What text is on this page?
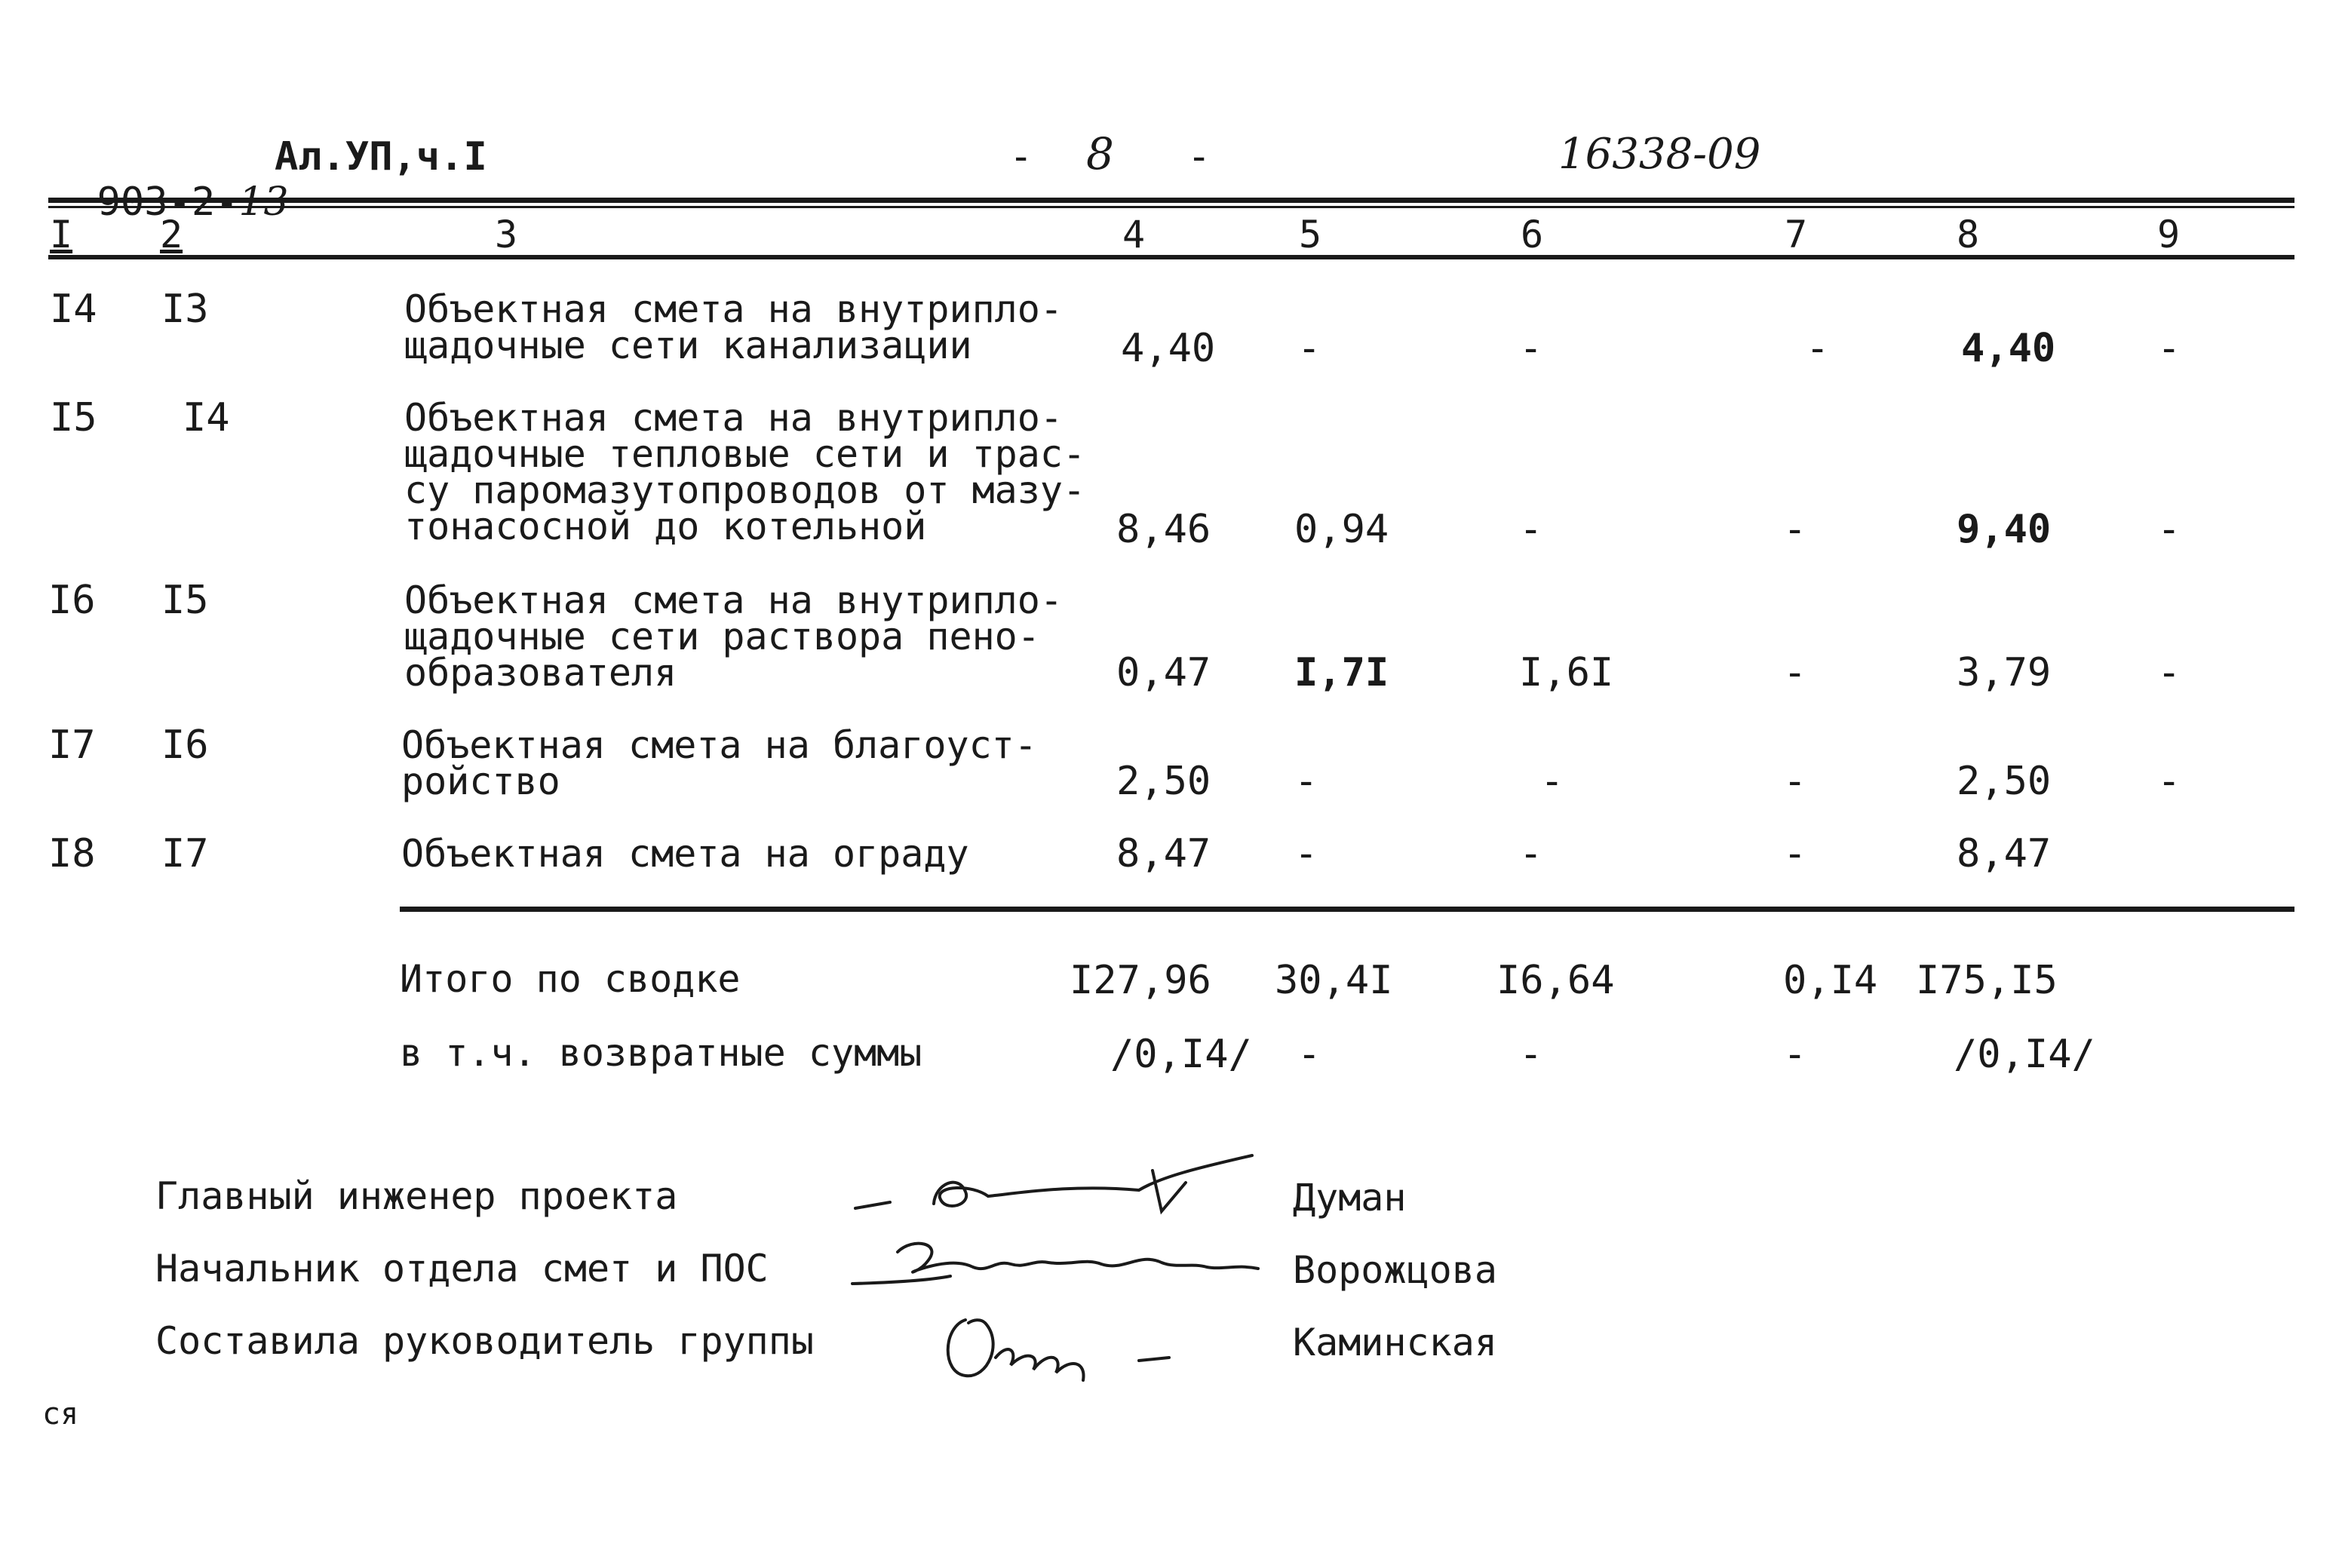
Ал.УП,ч.I	- 8 -	16338-09
I 2	3	4	5	6	7	8	9
I4 I3	Объектная смета на внутрипло-
щадочные сети канализации	4,40 -	-	-	4,40	-
I5 I4	Объектная смета на внутрипло-
щадочные тепловые сети и трас-
су паромазутопроводов от мазу-
тонасосной до котельной	8,46 0,94	-	-	9,40	-
I6 I5	Объектная смета на внутрипло-
щадочные сети раствора пено-
образователя	0,47 I,7I	I,6I	-	3,79	-
I7 I6	Объектная смета на благоуст-
ройство	2,50 -	-	-	2,50	-
I8 I7	Объектная смета на ограду	8,47 -	-	-	8,47
Итого по сводке	I27,96 30,4I	I6,64	0,I4 I75,I5
в т.ч. возвратные суммы	/0,I4/ -	-	-	/0,I4/
Главный инженер проекта	Думан
Начальник отдела смет и ПОС	Ворожцова
Составила руководитель группы	Каминская
ся
